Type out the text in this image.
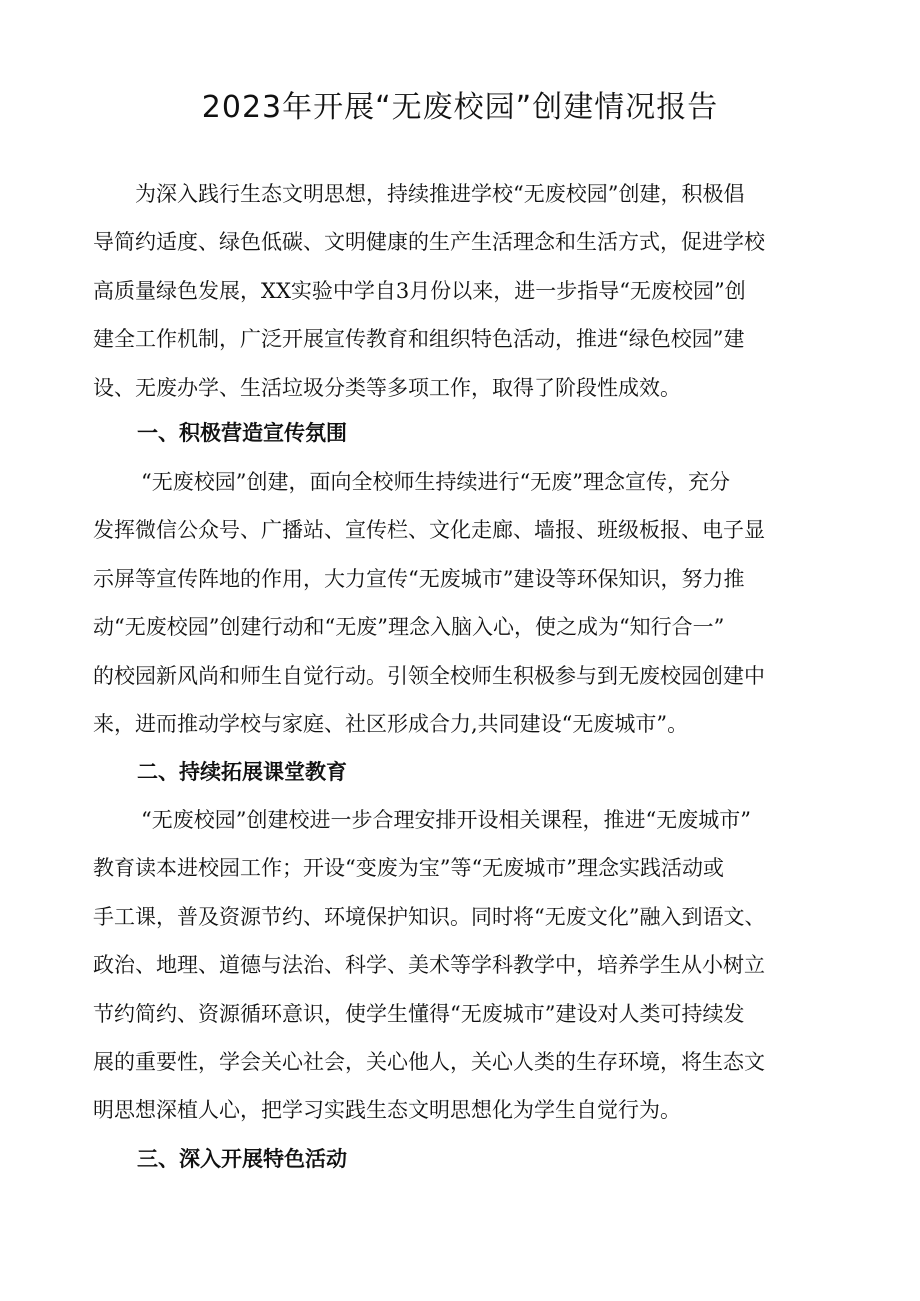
2023年开展“无废校园”创建情况报告
为深入践行生态文明思想，持续推进学校“无废校园”创建，积极倡
导简约适度、绿色低碳、文明健康的生产生活理念和生活方式，促进学校
高质量绿色发展，XX实验中学自3月份以来，进一步指导“无废校园”创
建全工作机制，广泛开展宣传教育和组织特色活动，推进“绿色校园”建
设、无废办学、生活垃圾分类等多项工作，取得了阶段性成效。
一、积极营造宣传氛围
“无废校园”创建，面向全校师生持续进行“无废”理念宣传，充分
发挥微信公众号、广播站、宣传栏、文化走廊、墙报、班级板报、电子显
示屏等宣传阵地的作用，大力宣传“无废城市”建设等环保知识，努力推
动“无废校园”创建行动和“无废”理念入脑入心，使之成为“知行合一”
的校园新风尚和师生自觉行动。引领全校师生积极参与到无废校园创建中
来，进而推动学校与家庭、社区形成合力,共同建设“无废城市”。
二、持续拓展课堂教育
“无废校园”创建校进一步合理安排开设相关课程，推进“无废城市”
教育读本进校园工作；开设“变废为宝”等“无废城市”理念实践活动或
手工课，普及资源节约、环境保护知识。同时将“无废文化”融入到语文、
政治、地理、道德与法治、科学、美术等学科教学中，培养学生从小树立
节约简约、资源循环意识，使学生懂得“无废城市”建设对人类可持续发
展的重要性，学会关心社会，关心他人，关心人类的生存环境，将生态文
明思想深植人心，把学习实践生态文明思想化为学生自觉行为。
三、深入开展特色活动
